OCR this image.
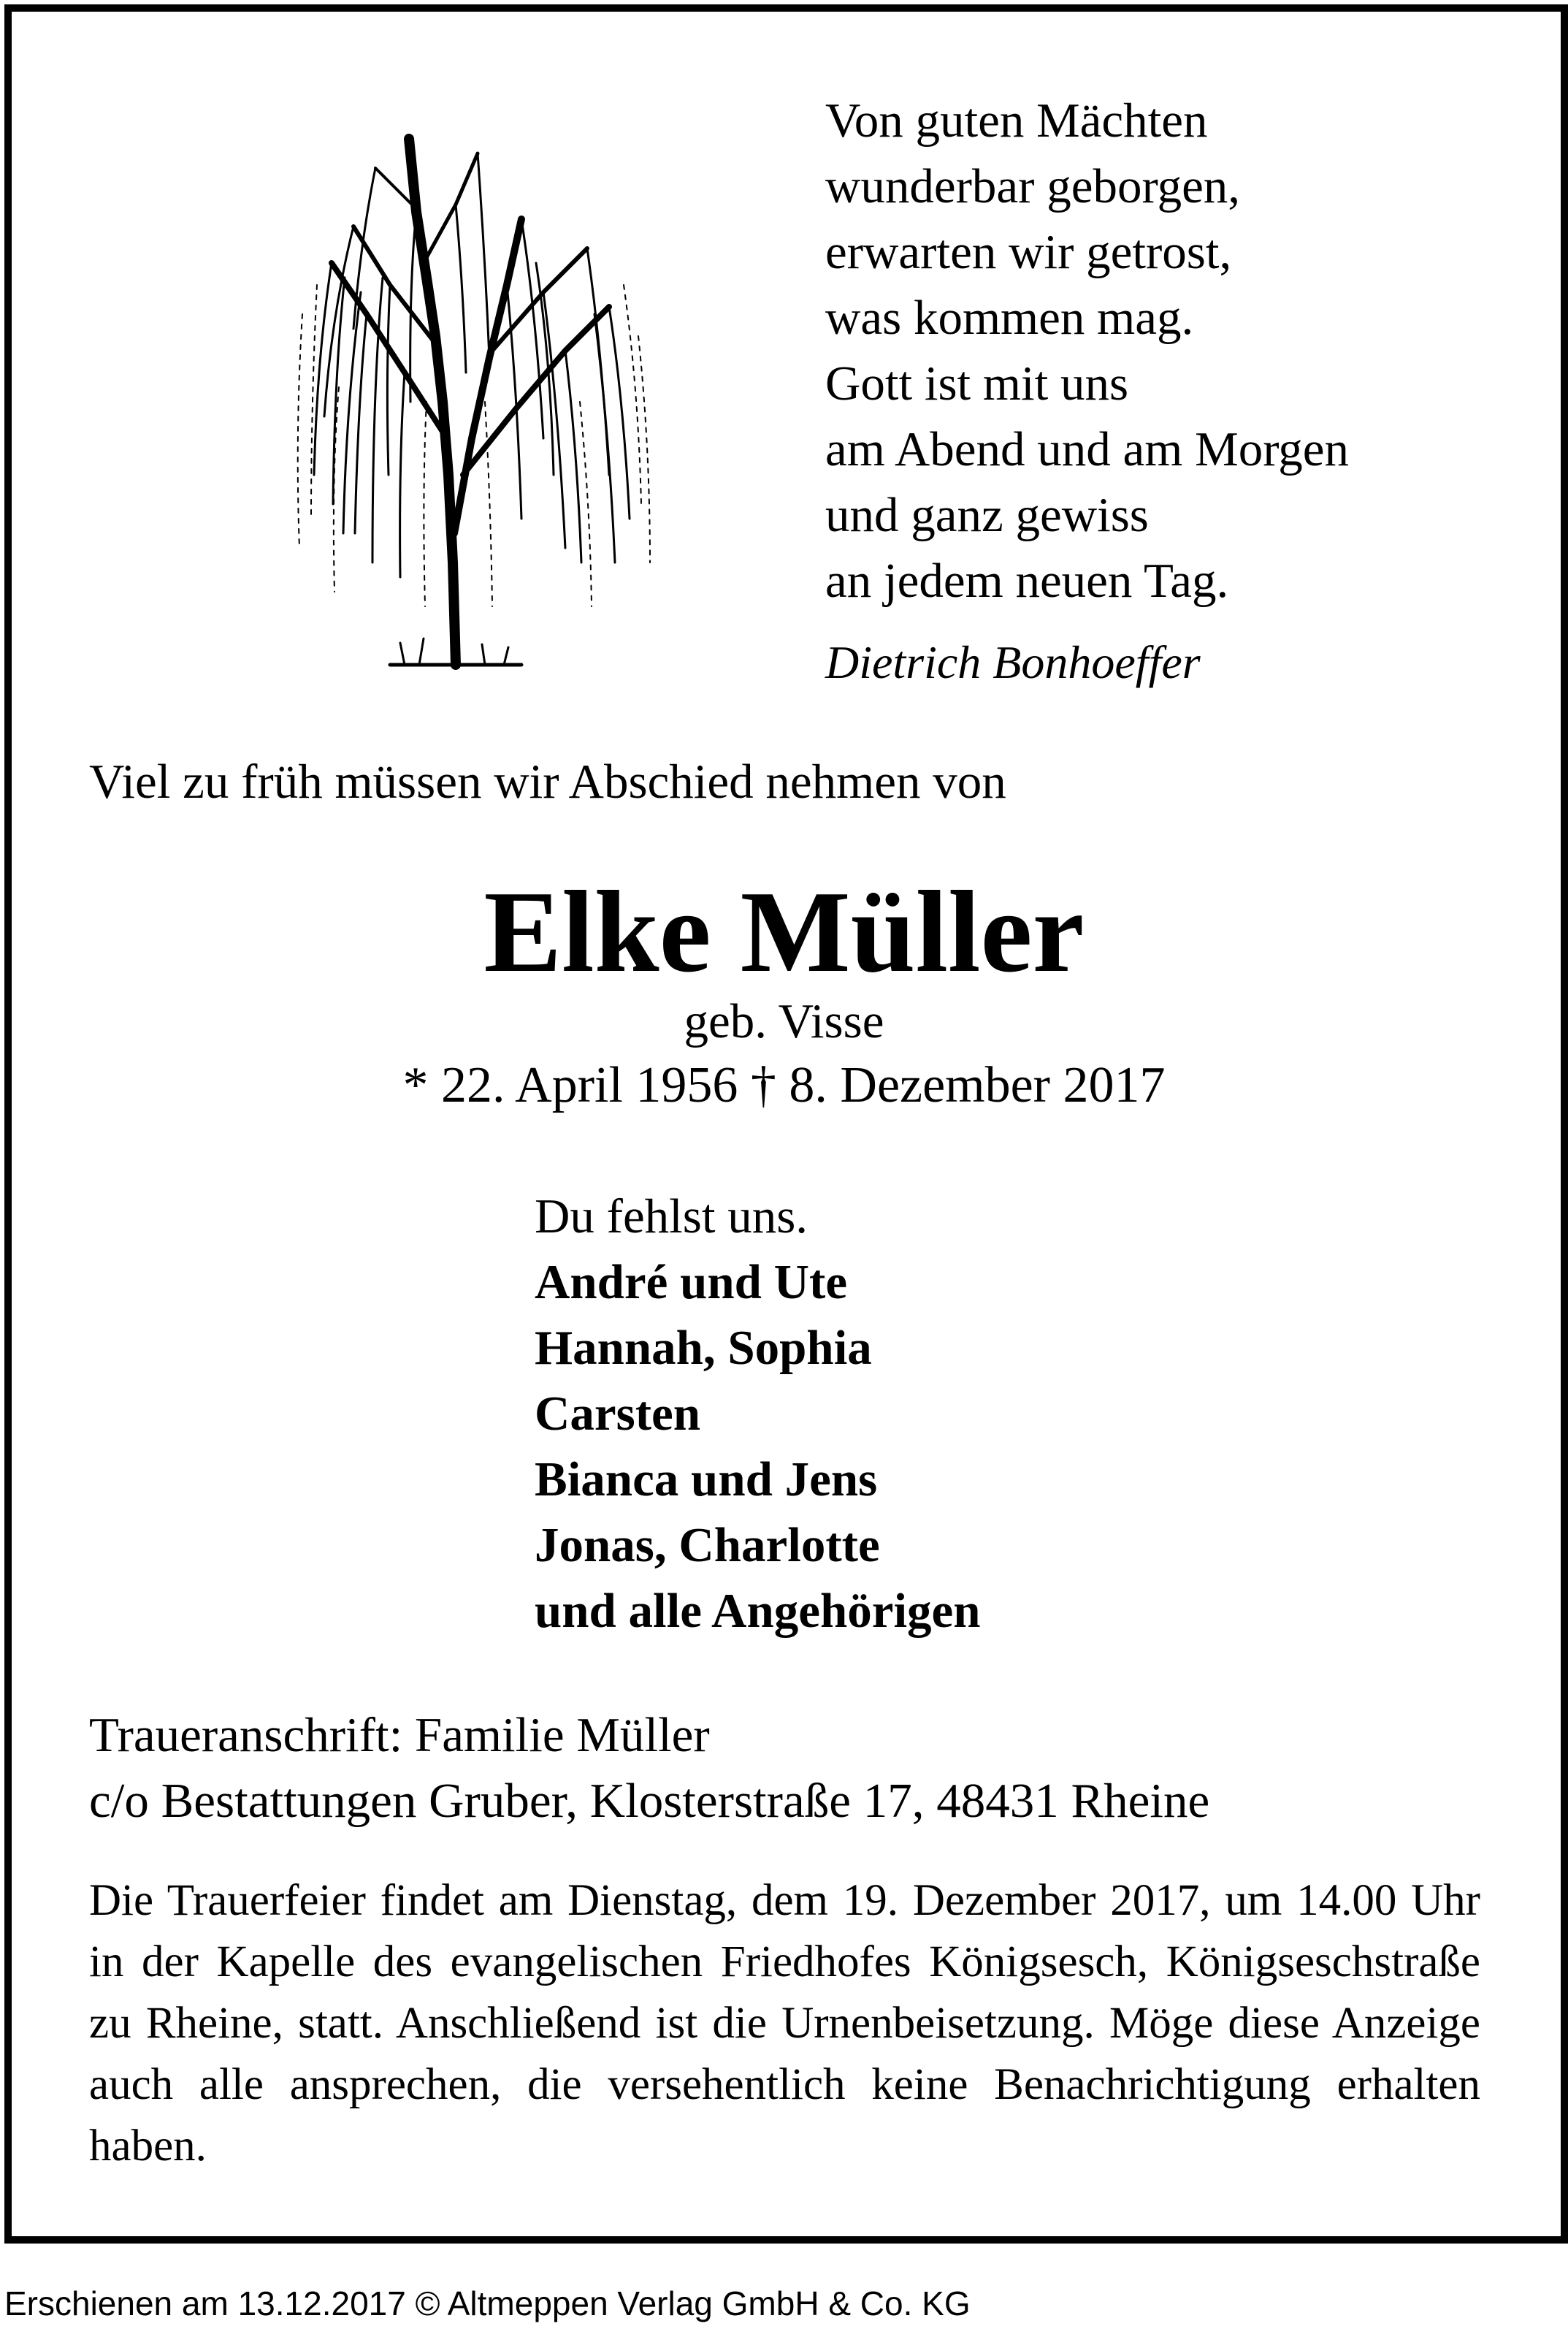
Von guten Mächten
wunderbar geborgen,
erwarten wir getrost,
was kommen mag.
Gott ist mit uns
am Abend und am Morgen
und ganz gewiss
an jedem neuen Tag.
Dietrich Bonhoeffer
Viel zu früh müssen wir Abschied nehmen von
Elke Müller
geb. Visse
* 22. April 1956 † 8. Dezember 2017
Du fehlst uns.
André und Ute
Hannah, Sophia
Carsten
Bianca und Jens
Jonas, Charlotte
und alle Angehörigen
Traueranschrift: Familie Müller
c/o Bestattungen Gruber, Klosterstraße 17, 48431 Rheine
Die Trauerfeier findet am Dienstag, dem 19. Dezember 2017, um 14.00 Uhr in der Kapelle des evangelischen Friedhofes Königsesch, Königseschstraße zu Rheine, statt. Anschließend ist die Urnenbeisetzung. Möge diese Anzeige auch alle ansprechen, die versehentlich keine Benachrichtigung erhalten haben.
Erschienen am 13.12.2017 © Altmeppen Verlag GmbH & Co. KG
